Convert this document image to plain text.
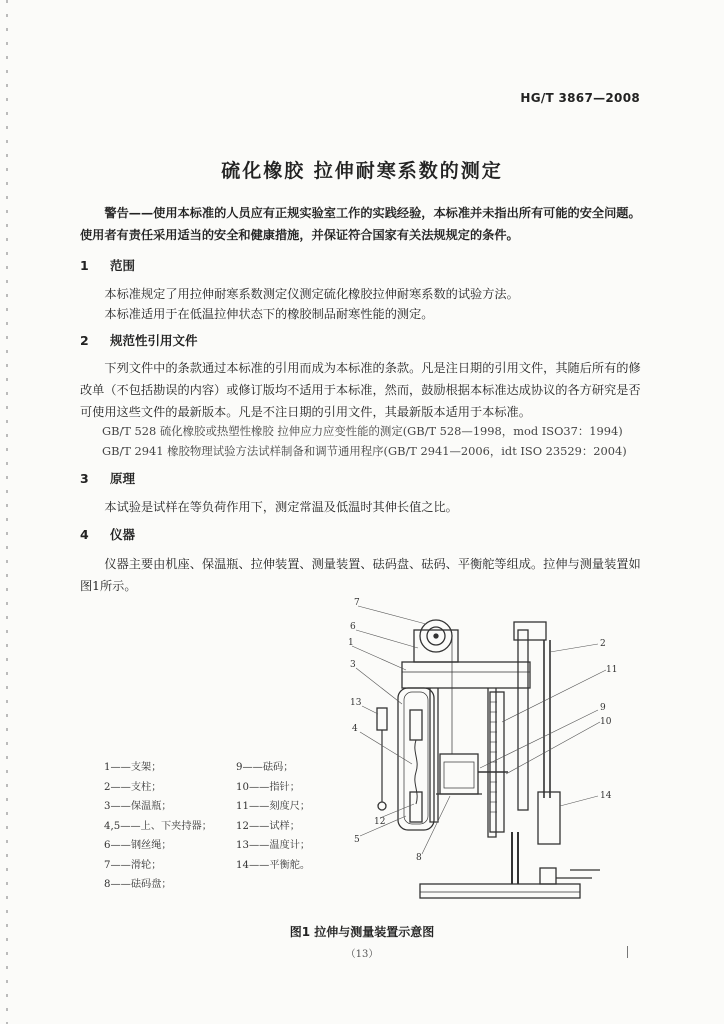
HG/T 3867—2008
硫化橡胶 拉伸耐寒系数的测定
警告——使用本标准的人员应有正规实验室工作的实践经验，本标准并未指出所有可能的安全问题。使用者有责任采用适当的安全和健康措施，并保证符合国家有关法规规定的条件。
1 范围
本标准规定了用拉伸耐寒系数测定仪测定硫化橡胶拉伸耐寒系数的试验方法。
本标准适用于在低温拉伸状态下的橡胶制品耐寒性能的测定。
2 规范性引用文件
下列文件中的条款通过本标准的引用而成为本标准的条款。凡是注日期的引用文件，其随后所有的修改单（不包括勘误的内容）或修订版均不适用于本标准，然而，鼓励根据本标准达成协议的各方研究是否可使用这些文件的最新版本。凡是不注日期的引用文件，其最新版本适用于本标准。
GB/T 528 硫化橡胶或热塑性橡胶 拉伸应力应变性能的测定(GB/T 528—1998，mod ISO37：1994)
GB/T 2941 橡胶物理试验方法试样制备和调节通用程序(GB/T 2941—2006，idt ISO 23529：2004)
3 原理
本试验是试样在等负荷作用下，测定常温及低温时其伸长值之比。
4 仪器
仪器主要由机座、保温瓶、拉伸装置、测量装置、砝码盘、砝码、平衡舵等组成。拉伸与测量装置如图1所示。
1——支架；
2——支柱；
3——保温瓶；
4,5——上、下夹持器；
6——钢丝绳；
7——滑轮；
8——砝码盘；
9——砝码；
10——指针；
11——刻度尺；
12——试样；
13——温度计；
14——平衡舵。
7
6
1
3
13
4
12
5
8
2
11
9
10
14
图1 拉伸与测量装置示意图
（13）
